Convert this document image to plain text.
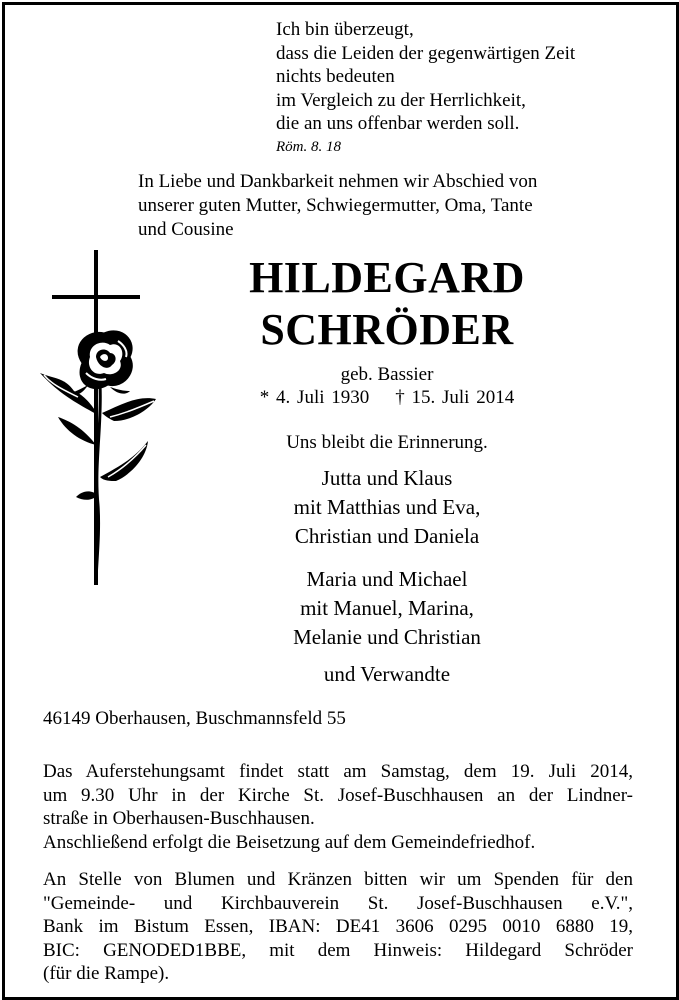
Ich bin überzeugt,
dass die Leiden der gegenwärtigen Zeit
nichts bedeuten
im Vergleich zu der Herrlichkeit,
die an uns offenbar werden soll.
Röm. 8. 18
In Liebe und Dankbarkeit nehmen wir Abschied von
unserer guten Mutter, Schwiegermutter, Oma, Tante
und Cousine
HILDEGARD
SCHRÖDER
geb. Bassier
* 4. Juli 1930 † 15. Juli 2014
Uns bleibt die Erinnerung.
Jutta und Klaus
mit Matthias und Eva,
Christian und Daniela
Maria und Michael
mit Manuel, Marina,
Melanie und Christian
und Verwandte
46149 Oberhausen, Buschmannsfeld 55
Das Auferstehungsamt findet statt am Samstag, dem 19. Juli 2014,
um 9.30 Uhr in der Kirche St. Josef-Buschhausen an der Lindner-
straße in Oberhausen-Buschhausen.
Anschließend erfolgt die Beisetzung auf dem Gemeindefriedhof.
An Stelle von Blumen und Kränzen bitten wir um Spenden für den
"Gemeinde- und Kirchbauverein St. Josef-Buschhausen e.V.",
Bank im Bistum Essen, IBAN: DE41 3606 0295 0010 6880 19,
BIC: GENODED1BBE, mit dem Hinweis: Hildegard Schröder
(für die Rampe).
